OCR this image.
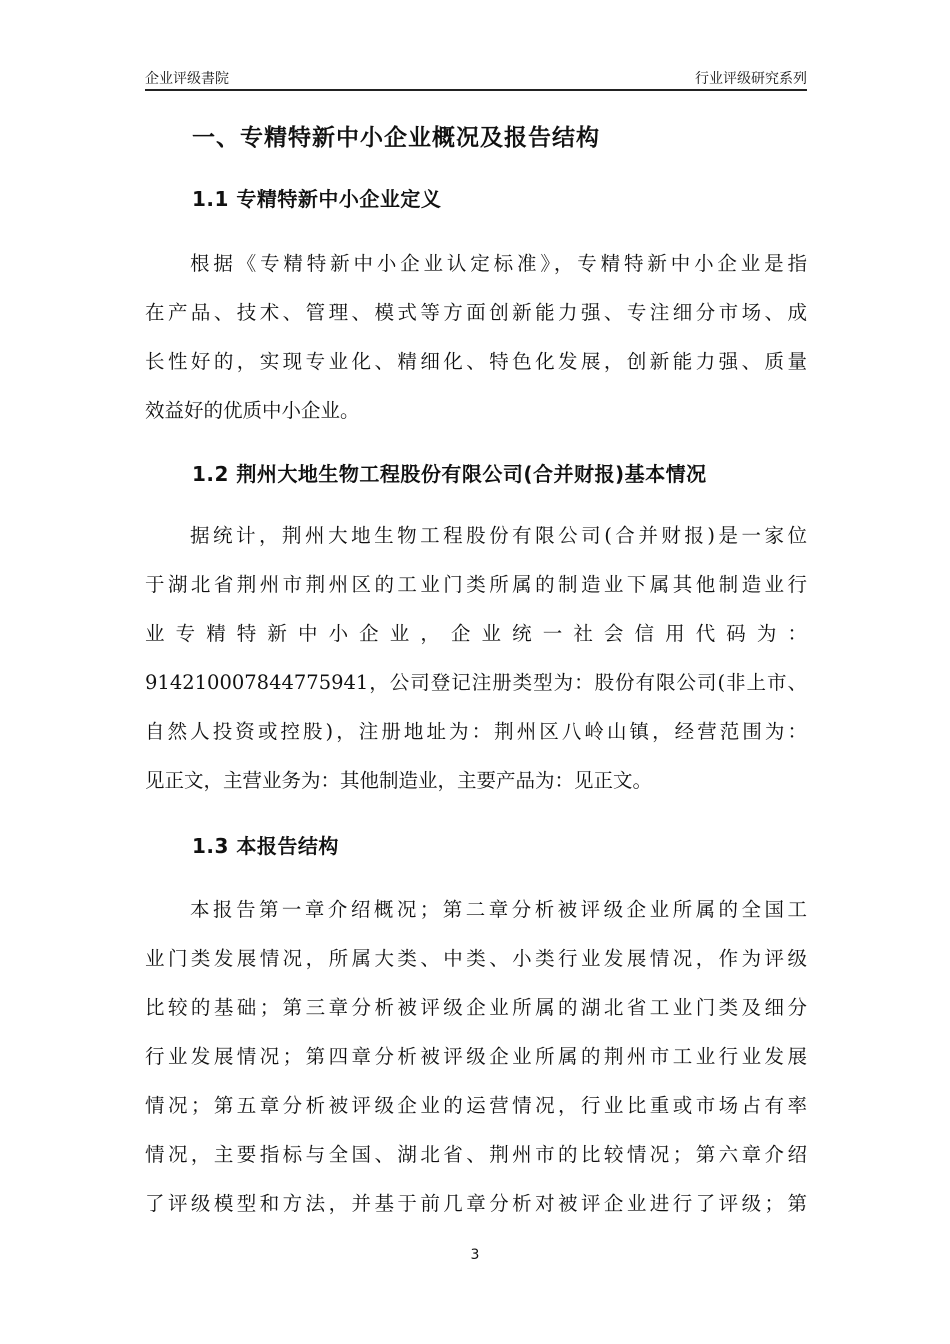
企业评级書院	行业评级研究系列
一、专精特新中小企业概况及报告结构
1.1 专精特新中小企业定义
根据《专精特新中小企业认定标准》，专精特新中小企业是指
在产品、技术、管理、模式等方面创新能力强、专注细分市场、成
长性好的，实现专业化、精细化、特色化发展，创新能力强、质量
效益好的优质中小企业。
1.2 荆州大地生物工程股份有限公司(合并财报)基本情况
据统计，荆州大地生物工程股份有限公司(合并财报)是一家位
于湖北省荆州市荆州区的工业门类所属的制造业下属其他制造业行
业专精特新中小企业，企业统一社会信用代码为：
914210007844775941，公司登记注册类型为：股份有限公司(非上市、
自然人投资或控股)，注册地址为：荆州区八岭山镇，经营范围为：
见正文，主营业务为：其他制造业，主要产品为：见正文。
1.3 本报告结构
本报告第一章介绍概况；第二章分析被评级企业所属的全国工
业门类发展情况，所属大类、中类、小类行业发展情况，作为评级
比较的基础；第三章分析被评级企业所属的湖北省工业门类及细分
行业发展情况；第四章分析被评级企业所属的荆州市工业行业发展
情况；第五章分析被评级企业的运营情况，行业比重或市场占有率
情况，主要指标与全国、湖北省、荆州市的比较情况；第六章介绍
了评级模型和方法，并基于前几章分析对被评企业进行了评级；第
3
